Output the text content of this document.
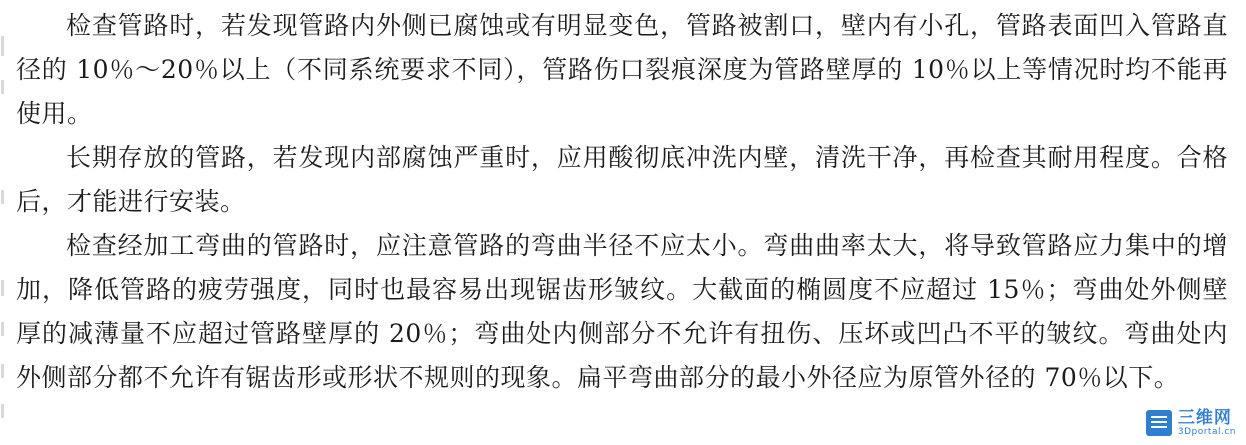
检查管路时，若发现管路内外侧已腐蚀或有明显变色，管路被割口，壁内有小孔，管路表面凹入管路直径的 10％～20％以上（不同系统要求不同），管路伤口裂痕深度为管路壁厚的 10％以上等情况时均不能再使用。

长期存放的管路，若发现内部腐蚀严重时，应用酸彻底冲洗内壁，清洗干净，再检查其耐用程度。合格后，才能进行安装。

检查经加工弯曲的管路时，应注意管路的弯曲半径不应太小。弯曲曲率太大，将导致管路应力集中的增加，降低管路的疲劳强度，同时也最容易出现锯齿形皱纹。大截面的椭圆度不应超过 15％；弯曲处外侧壁厚的减薄量不应超过管路壁厚的 20％；弯曲处内侧部分不允许有扭伤、压坏或凹凸不平的皱纹。弯曲处内外侧部分都不允许有锯齿形或形状不规则的现象。扁平弯曲部分的最小外径应为原管外径的 70％以下。

三维网
3Dportal.cn
